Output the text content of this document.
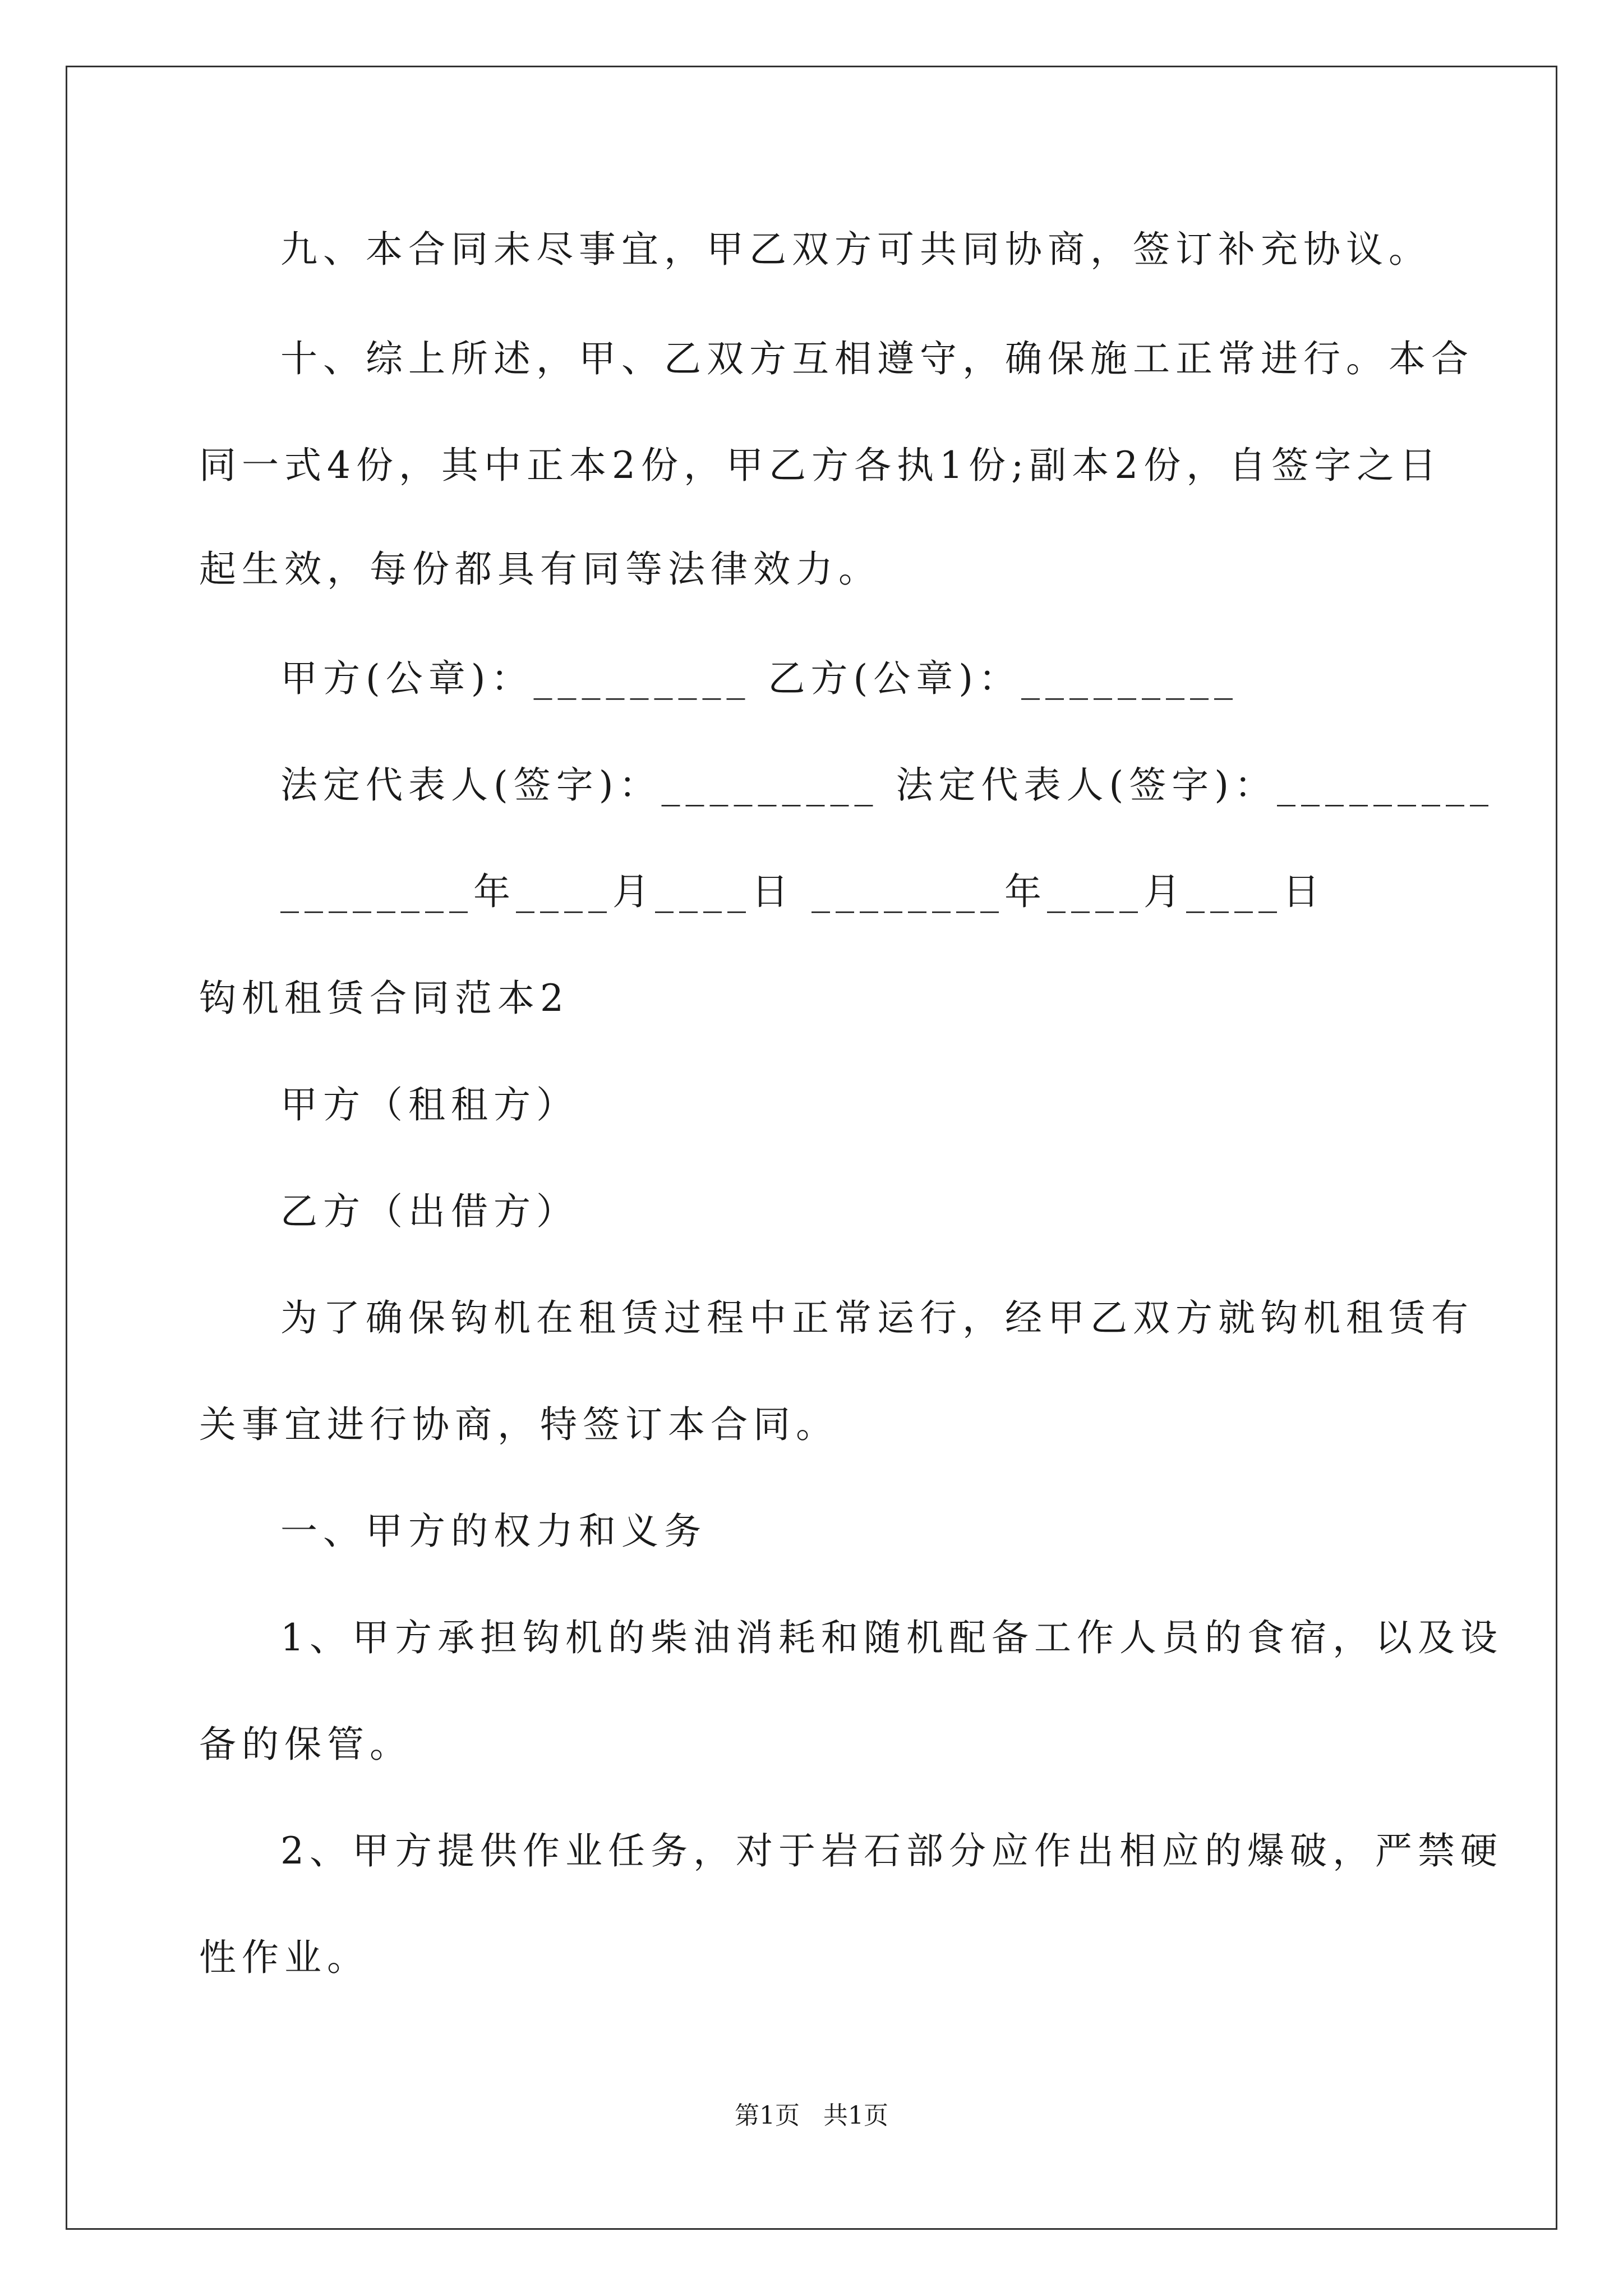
九、本合同未尽事宜，甲乙双方可共同协商，签订补充协议。
十、综上所述，甲、乙双方互相遵守，确保施工正常进行。本合
同一式4份，其中正本2份，甲乙方各执1份;副本2份，自签字之日
起生效，每份都具有同等法律效力。
甲方(公章)：_________ 乙方(公章)：_________
法定代表人(签字)：_________ 法定代表人(签字)：_________
________年____月____日 ________年____月____日
钩机租赁合同范本2
甲方（租租方）
乙方（出借方）
为了确保钩机在租赁过程中正常运行，经甲乙双方就钩机租赁有
关事宜进行协商，特签订本合同。
一、甲方的权力和义务
1、甲方承担钩机的柴油消耗和随机配备工作人员的食宿，以及设
备的保管。
2、甲方提供作业任务，对于岩石部分应作出相应的爆破，严禁硬
性作业。
第1页   共1页
